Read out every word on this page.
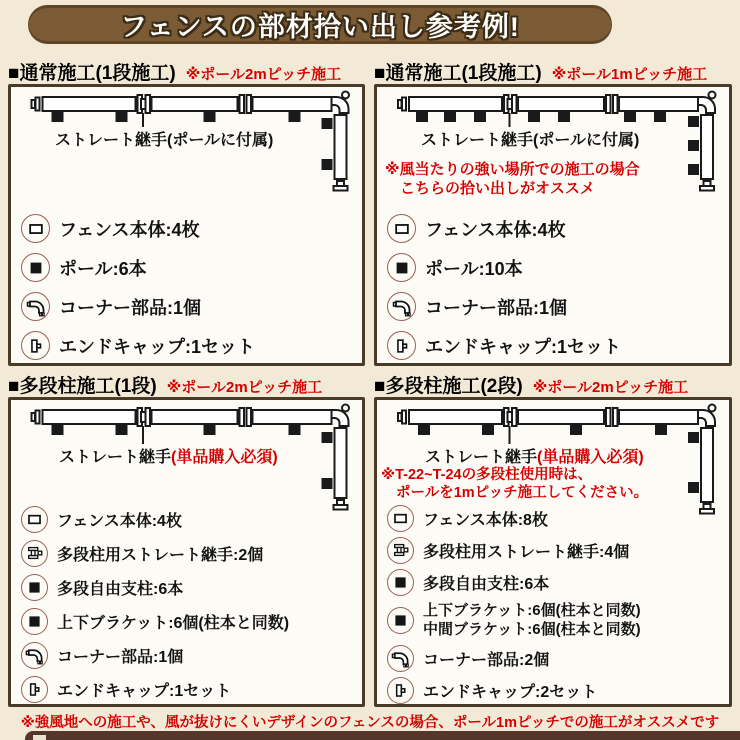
フェンスの部材拾い出し参考例!
■通常施工(1段施工) ※ポール2mピッチ施工
ストレート継手(ポールに付属)
フェンス本体:4枚
ポール:6本
コーナー部品:1個
エンドキャップ:1セット
■通常施工(1段施工) ※ポール1mピッチ施工
ストレート継手(ポールに付属)
※風当たりの強い場所での施工の場合
こちらの拾い出しがオススメ
フェンス本体:4枚
ポール:10本
コーナー部品:1個
エンドキャップ:1セット
■多段柱施工(1段) ※ポール2mピッチ施工
ストレート継手(単品購入必須)
フェンス本体:4枚
多段柱用ストレート継手:2個
多段自由支柱:6本
上下ブラケット:6個(柱本と同数)
コーナー部品:1個
エンドキャップ:1セット
■多段柱施工(2段) ※ポール2mピッチ施工
ストレート継手(単品購入必須)
※T-22~T-24の多段柱使用時は、
ポールを1mピッチ施工してください。
フェンス本体:8枚
多段柱用ストレート継手:4個
多段自由支柱:6本
上下ブラケット:6個(柱本と同数)
中間ブラケット:6個(柱本と同数)
コーナー部品:2個
エンドキャップ:2セット
※強風地への施工や、風が抜けにくいデザインのフェンスの場合、ポール1mピッチでの施工がオススメです
